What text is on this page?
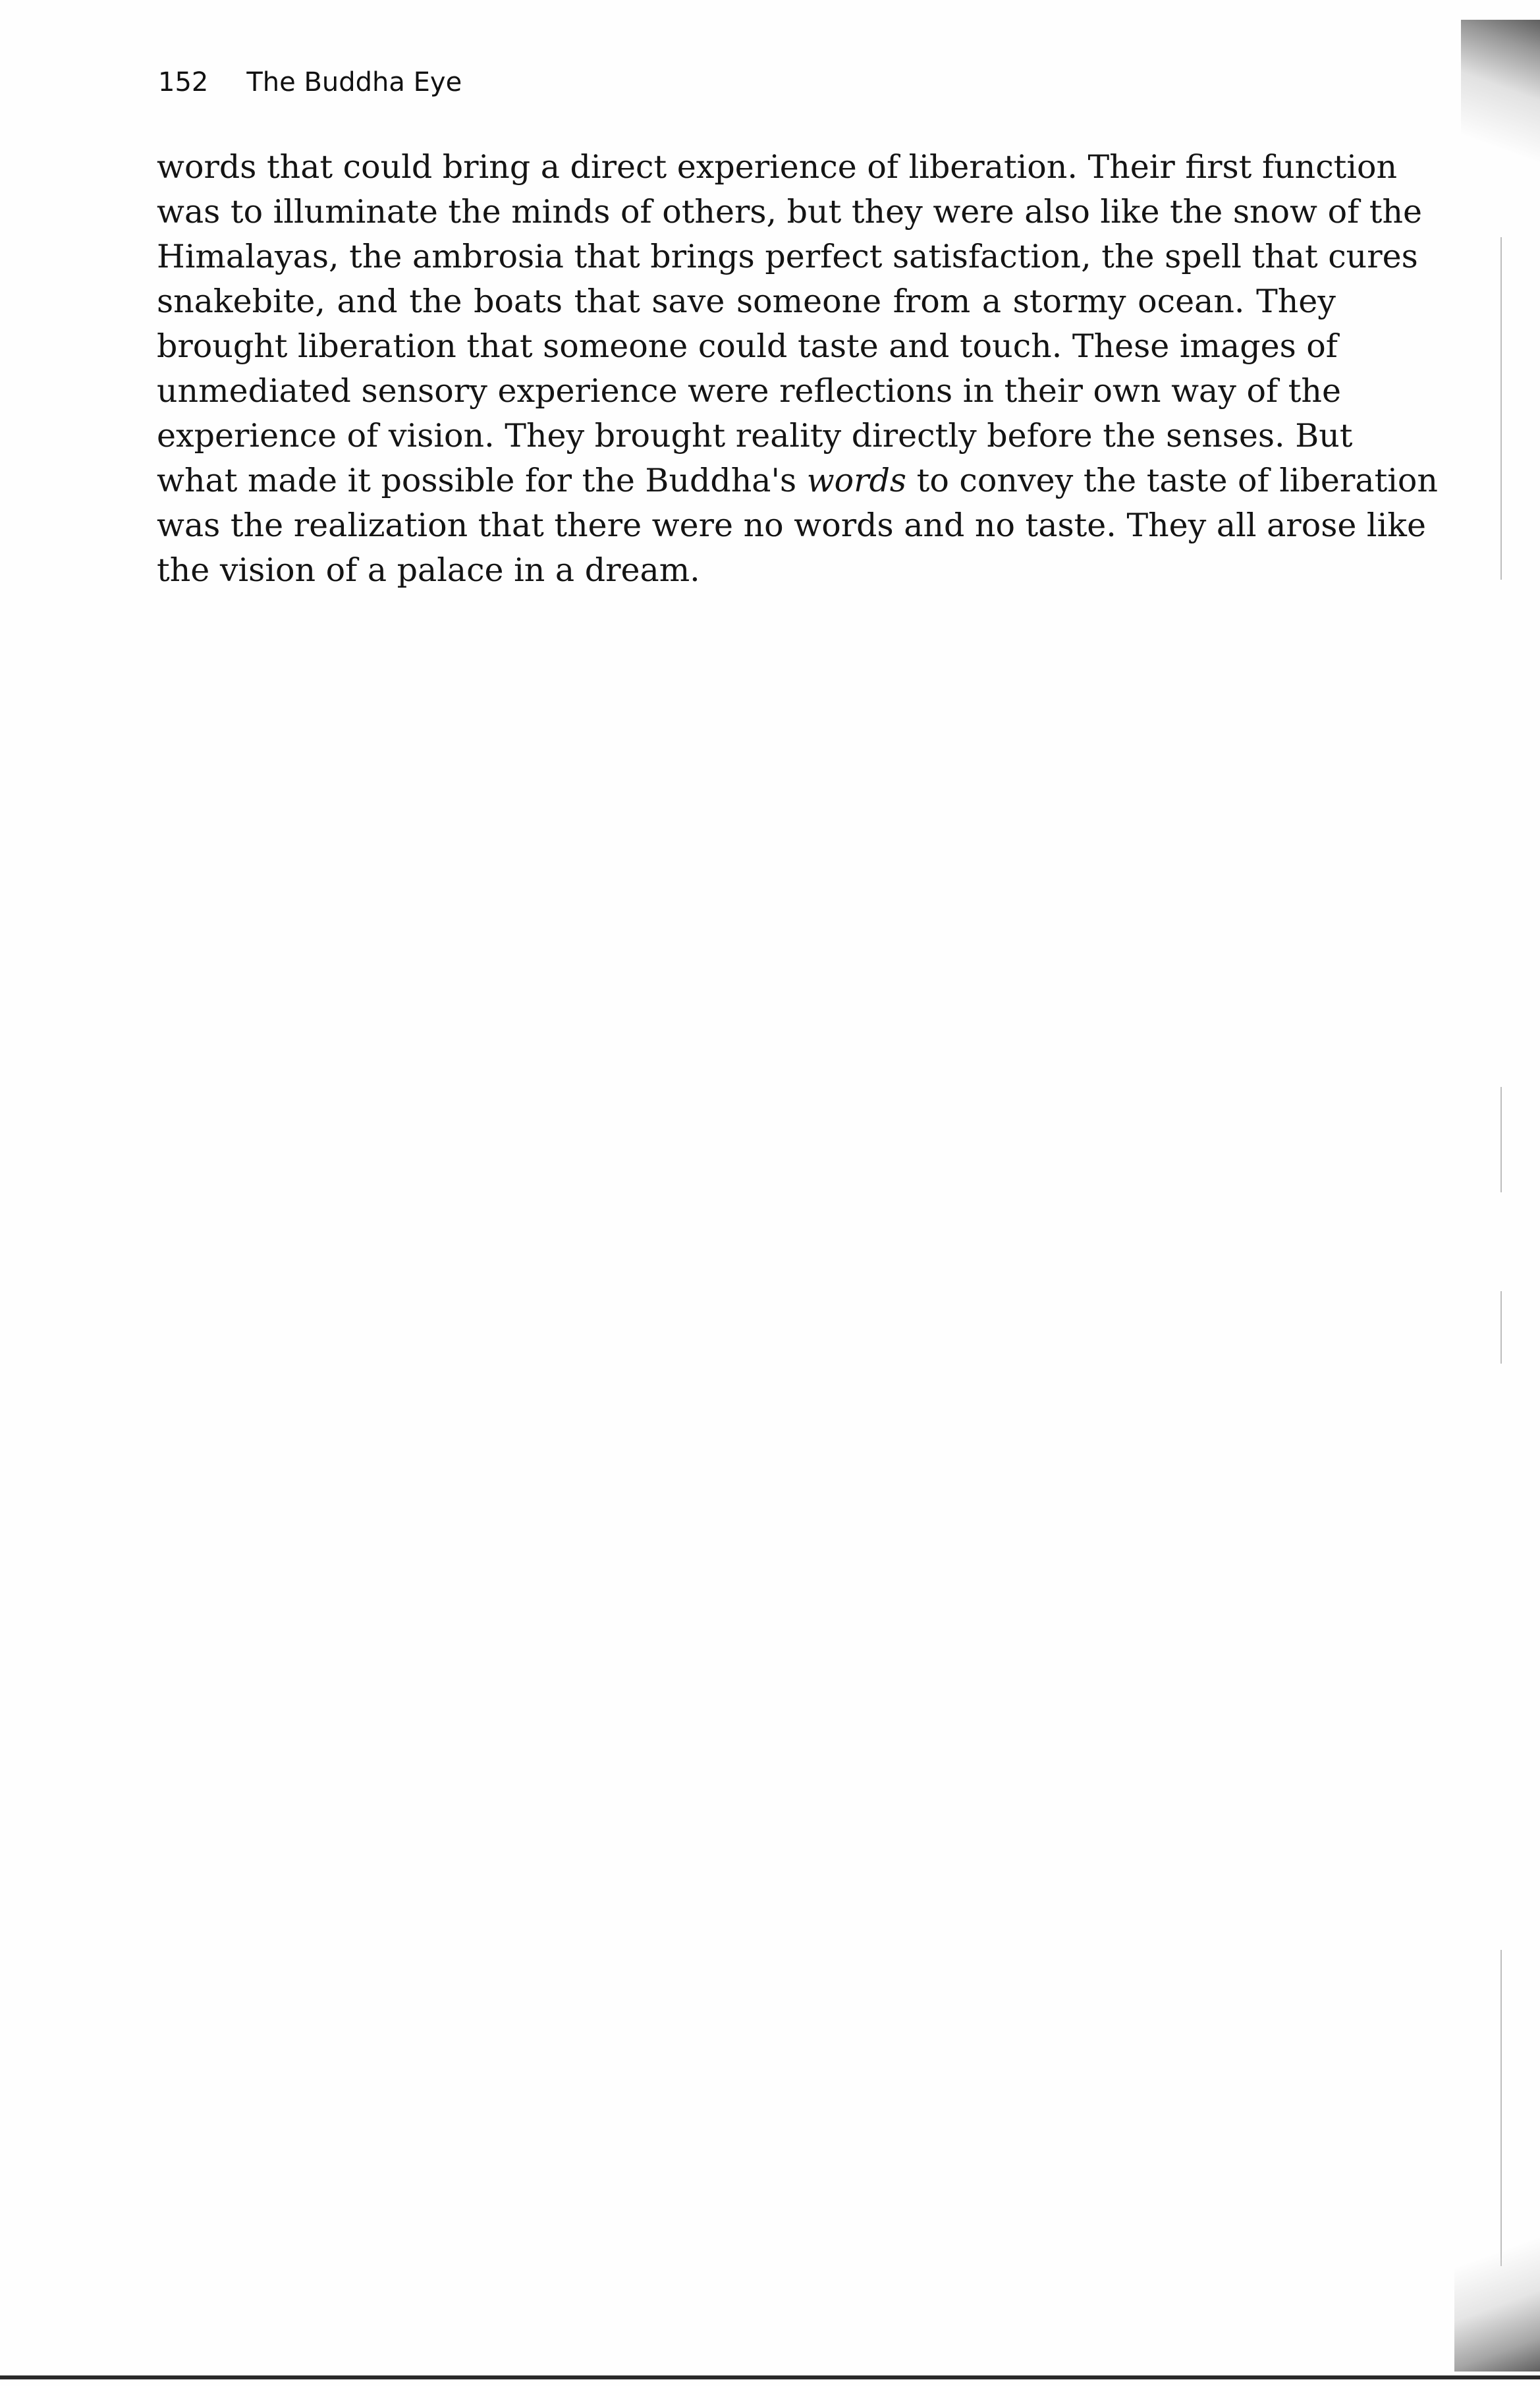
152 The Buddha Eye
words that could bring a direct experience of liberation. Their first function
was to illuminate the minds of others, but they were also like the snow of the
Himalayas, the ambrosia that brings perfect satisfaction, the spell that cures
snakebite, and the boats that save someone from a stormy ocean. They
brought liberation that someone could taste and touch. These images of
unmediated sensory experience were reflections in their own way of the
experience of vision. They brought reality directly before the senses. But
what made it possible for the Buddha's words to convey the taste of liberation
was the realization that there were no words and no taste. They all arose like
the vision of a palace in a dream.
